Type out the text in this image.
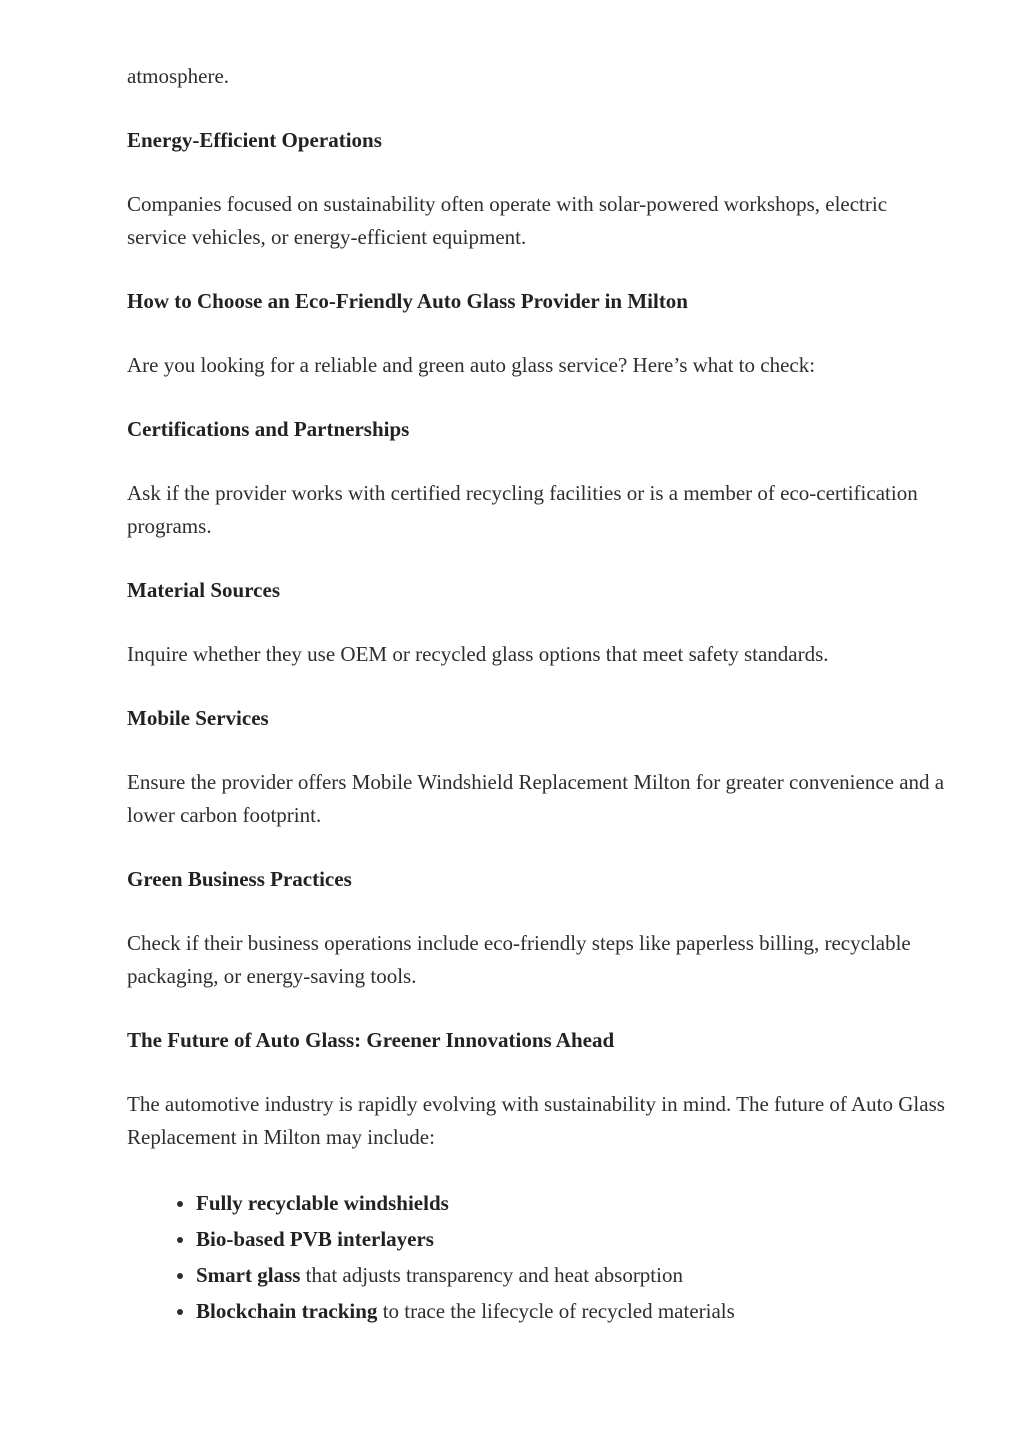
atmosphere.

Energy-Efficient Operations

Companies focused on sustainability often operate with solar-powered workshops, electric service vehicles, or energy-efficient equipment.

How to Choose an Eco-Friendly Auto Glass Provider in Milton

Are you looking for a reliable and green auto glass service? Here’s what to check:

Certifications and Partnerships

Ask if the provider works with certified recycling facilities or is a member of eco-certification programs.

Material Sources

Inquire whether they use OEM or recycled glass options that meet safety standards.

Mobile Services

Ensure the provider offers Mobile Windshield Replacement Milton for greater convenience and a lower carbon footprint.

Green Business Practices

Check if their business operations include eco-friendly steps like paperless billing, recyclable packaging, or energy-saving tools.

The Future of Auto Glass: Greener Innovations Ahead

The automotive industry is rapidly evolving with sustainability in mind. The future of Auto Glass Replacement in Milton may include:

• Fully recyclable windshields
• Bio-based PVB interlayers
• Smart glass that adjusts transparency and heat absorption
• Blockchain tracking to trace the lifecycle of recycled materials
